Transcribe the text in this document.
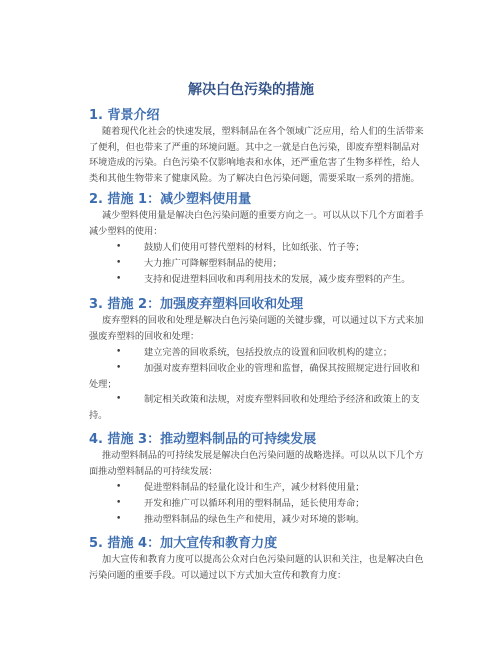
解决白色污染的措施
1. 背景介绍
随着现代化社会的快速发展，塑料制品在各个领域广泛应用，给人们的生活带来了便利，但也带来了严重的环境问题。其中之一就是白色污染，即废弃塑料制品对环境造成的污染。白色污染不仅影响地表和水体，还严重危害了生物多样性，给人类和其他生物带来了健康风险。为了解决白色污染问题，需要采取一系列的措施。
2. 措施 1：减少塑料使用量
减少塑料使用量是解决白色污染问题的重要方向之一。可以从以下几个方面着手减少塑料的使用：
•	鼓励人们使用可替代塑料的材料，比如纸张、竹子等；
•	大力推广可降解塑料制品的使用；
•	支持和促进塑料回收和再利用技术的发展，减少废弃塑料的产生。
3. 措施 2：加强废弃塑料回收和处理
废弃塑料的回收和处理是解决白色污染问题的关键步骤，可以通过以下方式来加强废弃塑料的回收和处理：
•	建立完善的回收系统，包括投放点的设置和回收机构的建立；
•	加强对废弃塑料回收企业的管理和监督，确保其按照规定进行回收和处理；
•	制定相关政策和法规，对废弃塑料回收和处理给予经济和政策上的支持。
4. 措施 3：推动塑料制品的可持续发展
推动塑料制品的可持续发展是解决白色污染问题的战略选择。可以从以下几个方面推动塑料制品的可持续发展：
•	促进塑料制品的轻量化设计和生产，减少材料使用量；
•	开发和推广可以循环利用的塑料制品，延长使用寿命；
•	推动塑料制品的绿色生产和使用，减少对环境的影响。
5. 措施 4：加大宣传和教育力度
加大宣传和教育力度可以提高公众对白色污染问题的认识和关注，也是解决白色污染问题的重要手段。可以通过以下方式加大宣传和教育力度：
